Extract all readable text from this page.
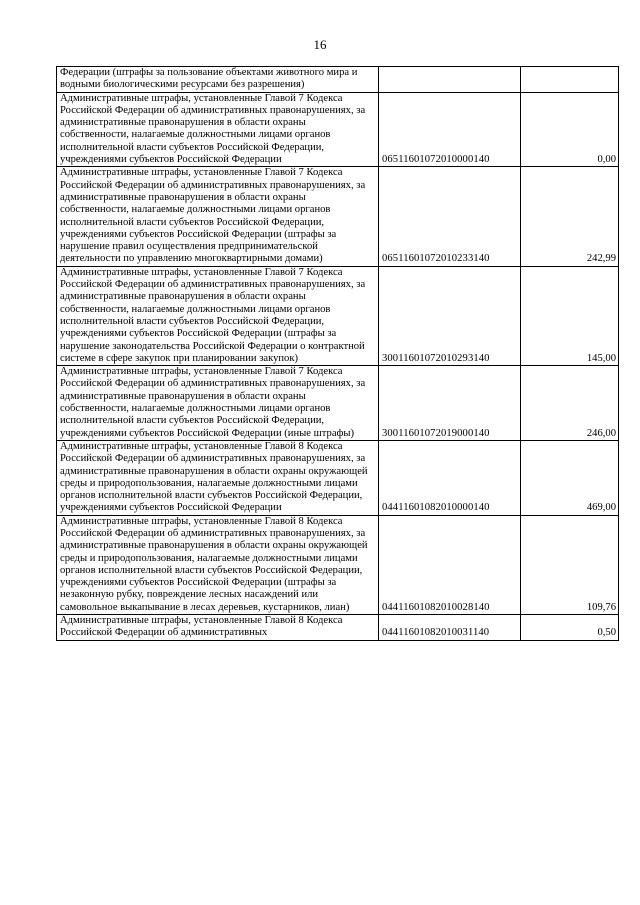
16
Федерации (штрафы за пользование объектами животного мира и водными биологическими ресурсами без разрешения)		
Административные штрафы, установленные Главой 7 Кодекса Российской Федерации об административных правонарушениях, за административные правонарушения в области охраны собственности, налагаемые должностными лицами органов исполнительной власти субъектов Российской Федерации, учреждениями субъектов Российской Федерации	06511601072010000140	0,00
Административные штрафы, установленные Главой 7 Кодекса Российской Федерации об административных правонарушениях, за административные правонарушения в области охраны собственности, налагаемые должностными лицами органов исполнительной власти субъектов Российской Федерации, учреждениями субъектов Российской Федерации (штрафы за нарушение правил осуществления предпринимательской деятельности по управлению многоквартирными домами)	06511601072010233140	242,99
Административные штрафы, установленные Главой 7 Кодекса Российской Федерации об административных правонарушениях, за административные правонарушения в области охраны собственности, налагаемые должностными лицами органов исполнительной власти субъектов Российской Федерации, учреждениями субъектов Российской Федерации (штрафы за нарушение законодательства Российской Федерации о контрактной системе в сфере закупок при планировании закупок)	30011601072010293140	145,00
Административные штрафы, установленные Главой 7 Кодекса Российской Федерации об административных правонарушениях, за административные правонарушения в области охраны собственности, налагаемые должностными лицами органов исполнительной власти субъектов Российской Федерации, учреждениями субъектов Российской Федерации (иные штрафы)	30011601072019000140	246,00
Административные штрафы, установленные Главой 8 Кодекса Российской Федерации об административных правонарушениях, за административные правонарушения в области охраны окружающей среды и природопользования, налагаемые должностными лицами органов исполнительной власти субъектов Российской Федерации, учреждениями субъектов Российской Федерации	04411601082010000140	469,00
Административные штрафы, установленные Главой 8 Кодекса Российской Федерации об административных правонарушениях, за административные правонарушения в области охраны окружающей среды и природопользования, налагаемые должностными лицами органов исполнительной власти субъектов Российской Федерации, учреждениями субъектов Российской Федерации (штрафы за незаконную рубку, повреждение лесных насаждений или самовольное выкапывание в лесах деревьев, кустарников, лиан)	04411601082010028140	109,76
Административные штрафы, установленные Главой 8 Кодекса Российской Федерации об административных	04411601082010031140	0,50
